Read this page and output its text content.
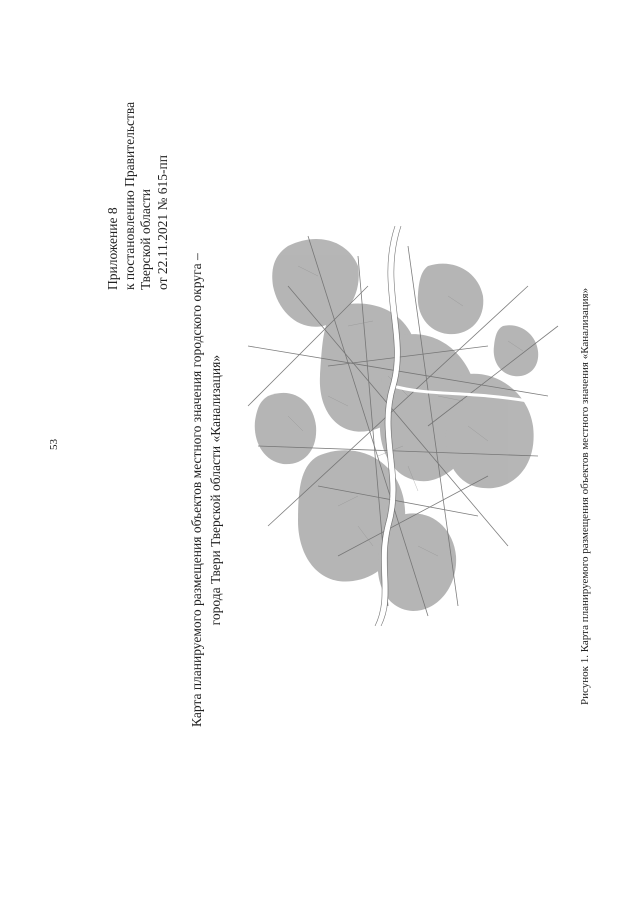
53
Приложение 8 к постановлению Правительства Тверской области от 22.11.2021 № 615-пп
Карта планируемого размещения объектов местного значения городского округа – города Твери Тверской области «Канализация»	Рисунок 1. Карта планируемого размещения объектов местного значения «Канализация»
